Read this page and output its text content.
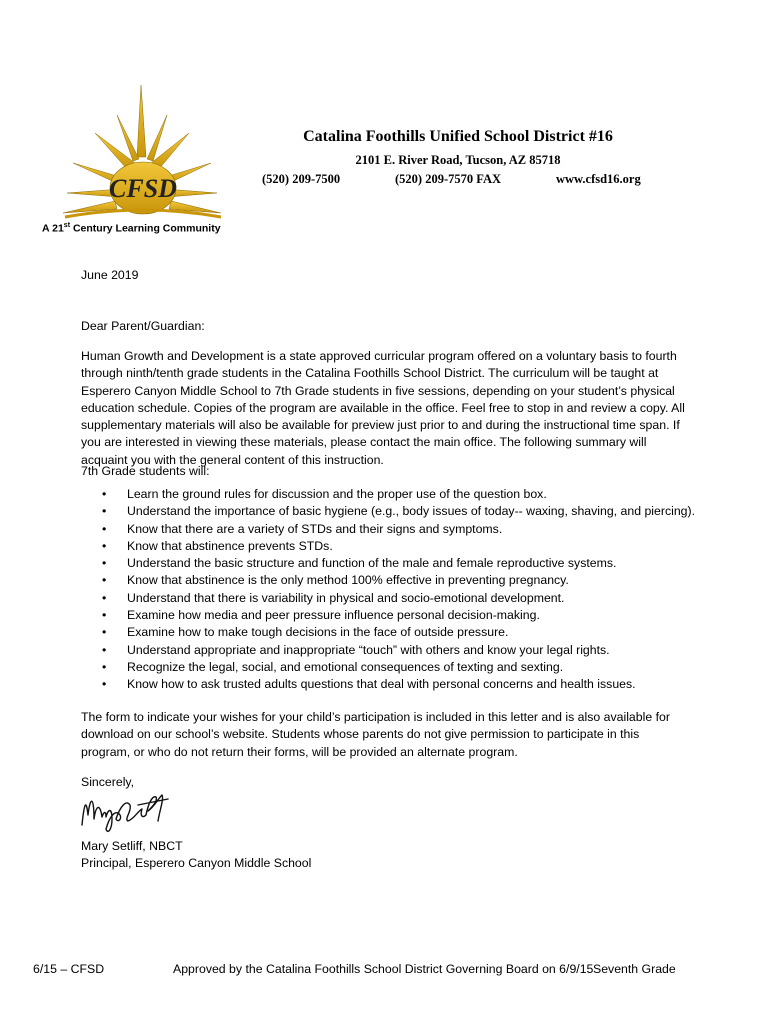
CFSD
A 21st Century Learning Community
Catalina Foothills Unified School District #16
2101 E. River Road, Tucson, AZ 85718
(520) 209-7500	(520) 209-7570 FAX	www.cfsd16.org
June 2019
Dear Parent/Guardian:
Human Growth and Development is a state approved curricular program offered on a voluntary basis to fourth through ninth/tenth grade students in the Catalina Foothills School District. The curriculum will be taught at Esperero Canyon Middle School to 7th Grade students in five sessions, depending on your student’s physical education schedule. Copies of the program are available in the office. Feel free to stop in and review a copy. All supplementary materials will also be available for preview just prior to and during the instructional time span. If you are interested in viewing these materials, please contact the main office. The following summary will acquaint you with the general content of this instruction.
7th Grade students will:
• Learn the ground rules for discussion and the proper use of the question box.
• Understand the importance of basic hygiene (e.g., body issues of today-- waxing, shaving, and piercing).
• Know that there are a variety of STDs and their signs and symptoms.
• Know that abstinence prevents STDs.
• Understand the basic structure and function of the male and female reproductive systems.
• Know that abstinence is the only method 100% effective in preventing pregnancy.
• Understand that there is variability in physical and socio-emotional development.
• Examine how media and peer pressure influence personal decision-making.
• Examine how to make tough decisions in the face of outside pressure.
• Understand appropriate and inappropriate “touch” with others and know your legal rights.
• Recognize the legal, social, and emotional consequences of texting and sexting.
• Know how to ask trusted adults questions that deal with personal concerns and health issues.
The form to indicate your wishes for your child’s participation is included in this letter and is also available for download on our school’s website. Students whose parents do not give permission to participate in this program, or who do not return their forms, will be provided an alternate program.
Sincerely,
Mary Setliff, NBCT
Principal, Esperero Canyon Middle School
6/15 – CFSD	Approved by the Catalina Foothills School District Governing Board on 6/9/15 Seventh Grade
